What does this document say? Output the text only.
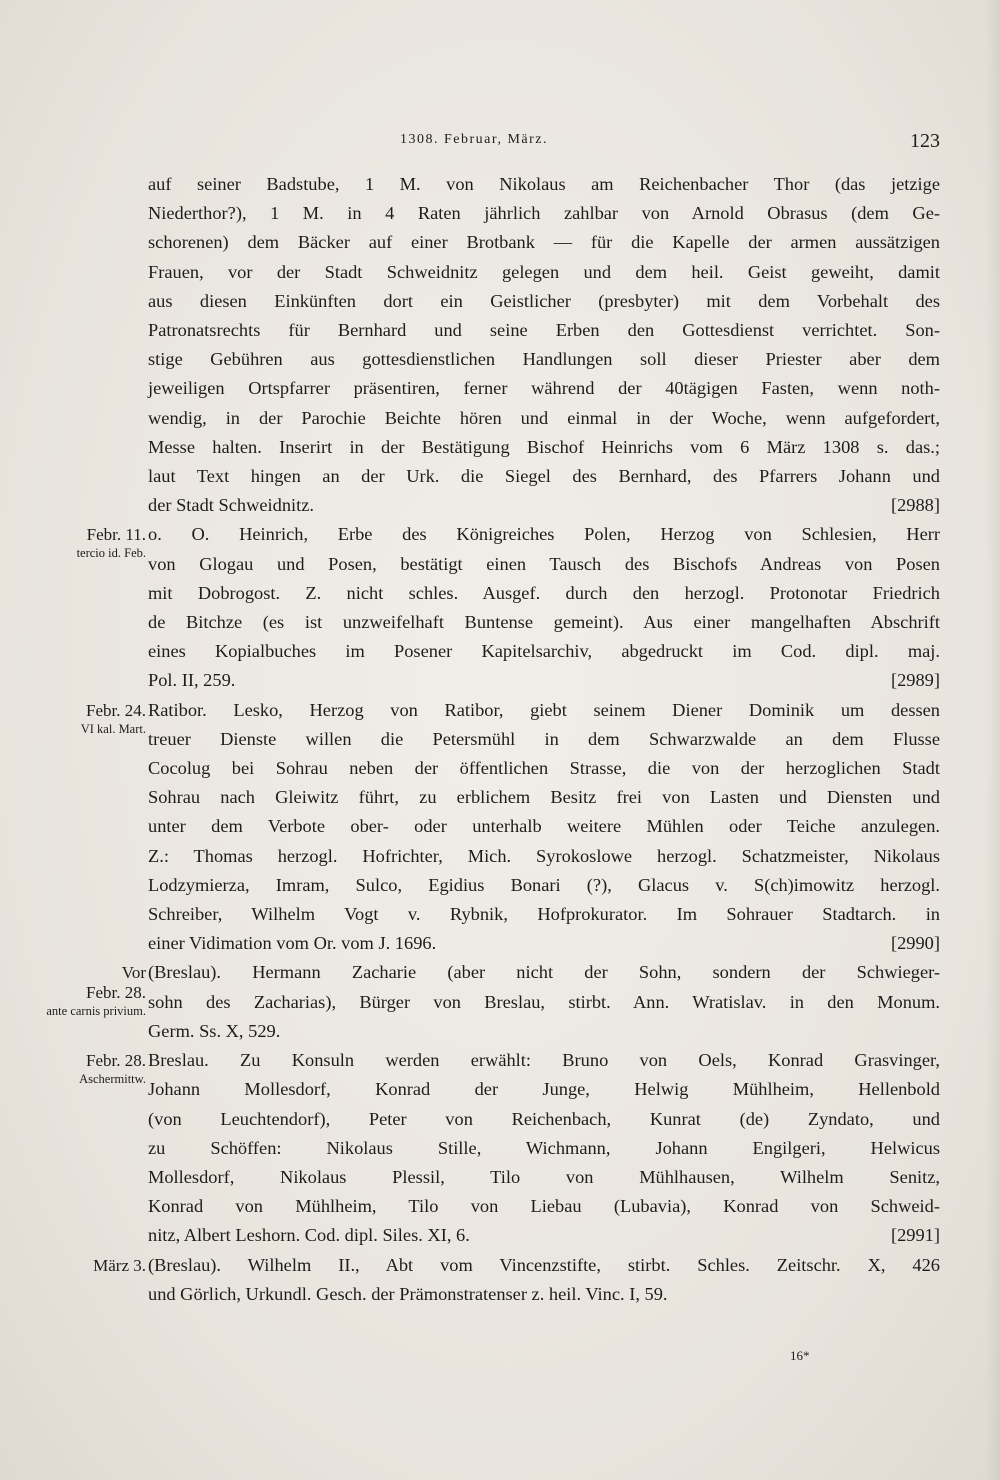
1308. Februar, März.	123
auf seiner Badstube, 1 M. von Nikolaus am Reichenbacher Thor (das jetzige
Niederthor?), 1 M. in 4 Raten jährlich zahlbar von Arnold Obrasus (dem Ge-
schorenen) dem Bäcker auf einer Brotbank — für die Kapelle der armen aussätzigen
Frauen, vor der Stadt Schweidnitz gelegen und dem heil. Geist geweiht, damit
aus diesen Einkünften dort ein Geistlicher (presbyter) mit dem Vorbehalt des
Patronatsrechts für Bernhard und seine Erben den Gottesdienst verrichtet. Son-
stige Gebühren aus gottesdienstlichen Handlungen soll dieser Priester aber dem
jeweiligen Ortspfarrer präsentiren, ferner während der 40tägigen Fasten, wenn noth-
wendig, in der Parochie Beichte hören und einmal in der Woche, wenn aufgefordert,
Messe halten. Inserirt in der Bestätigung Bischof Heinrichs vom 6 März 1308 s. das.;
laut Text hingen an der Urk. die Siegel des Bernhard, des Pfarrers Johann und
[2988]
der Stadt Schweidnitz.
Febr. 11.
tercio id. Feb.
o. O. Heinrich, Erbe des Königreiches Polen, Herzog von Schlesien, Herr
von Glogau und Posen, bestätigt einen Tausch des Bischofs Andreas von Posen
mit Dobrogost. Z. nicht schles. Ausgef. durch den herzogl. Protonotar Friedrich
de Bitchze (es ist unzweifelhaft Buntense gemeint). Aus einer mangelhaften Abschrift
eines Kopialbuches im Posener Kapitelsarchiv, abgedruckt im Cod. dipl. maj.
[2989]
Pol. II, 259.
Febr. 24.
VI kal. Mart.
Ratibor. Lesko, Herzog von Ratibor, giebt seinem Diener Dominik um dessen
treuer Dienste willen die Petersmühl in dem Schwarzwalde an dem Flusse
Cocolug bei Sohrau neben der öffentlichen Strasse, die von der herzoglichen Stadt
Sohrau nach Gleiwitz führt, zu erblichem Besitz frei von Lasten und Diensten und
unter dem Verbote ober- oder unterhalb weitere Mühlen oder Teiche anzulegen.
Z.: Thomas herzogl. Hofrichter, Mich. Syrokoslowe herzogl. Schatzmeister, Nikolaus
Lodzymierza, Imram, Sulco, Egidius Bonari (?), Glacus v. S(ch)imowitz herzogl.
Schreiber, Wilhelm Vogt v. Rybnik, Hofprokurator. Im Sohrauer Stadtarch. in
[2990]
einer Vidimation vom Or. vom J. 1696.
Vor
Febr. 28.
ante carnis privium.
(Breslau). Hermann Zacharie (aber nicht der Sohn, sondern der Schwieger-
sohn des Zacharias), Bürger von Breslau, stirbt. Ann. Wratislav. in den Monum.
Germ. Ss. X, 529.
Febr. 28.
Aschermittw.
Breslau. Zu Konsuln werden erwählt: Bruno von Oels, Konrad Grasvinger,
Johann Mollesdorf, Konrad der Junge, Helwig Mühlheim, Hellenbold
(von Leuchtendorf), Peter von Reichenbach, Kunrat (de) Zyndato, und
zu Schöffen: Nikolaus Stille, Wichmann, Johann Engilgeri, Helwicus
Mollesdorf, Nikolaus Plessil, Tilo von Mühlhausen, Wilhelm Senitz,
Konrad von Mühlheim, Tilo von Liebau (Lubavia), Konrad von Schweid-
[2991]
nitz, Albert Leshorn. Cod. dipl. Siles. XI, 6.
März 3. (Breslau). Wilhelm II., Abt vom Vincenzstifte, stirbt. Schles. Zeitschr. X, 426
und Görlich, Urkundl. Gesch. der Prämonstratenser z. heil. Vinc. I, 59.
16*
